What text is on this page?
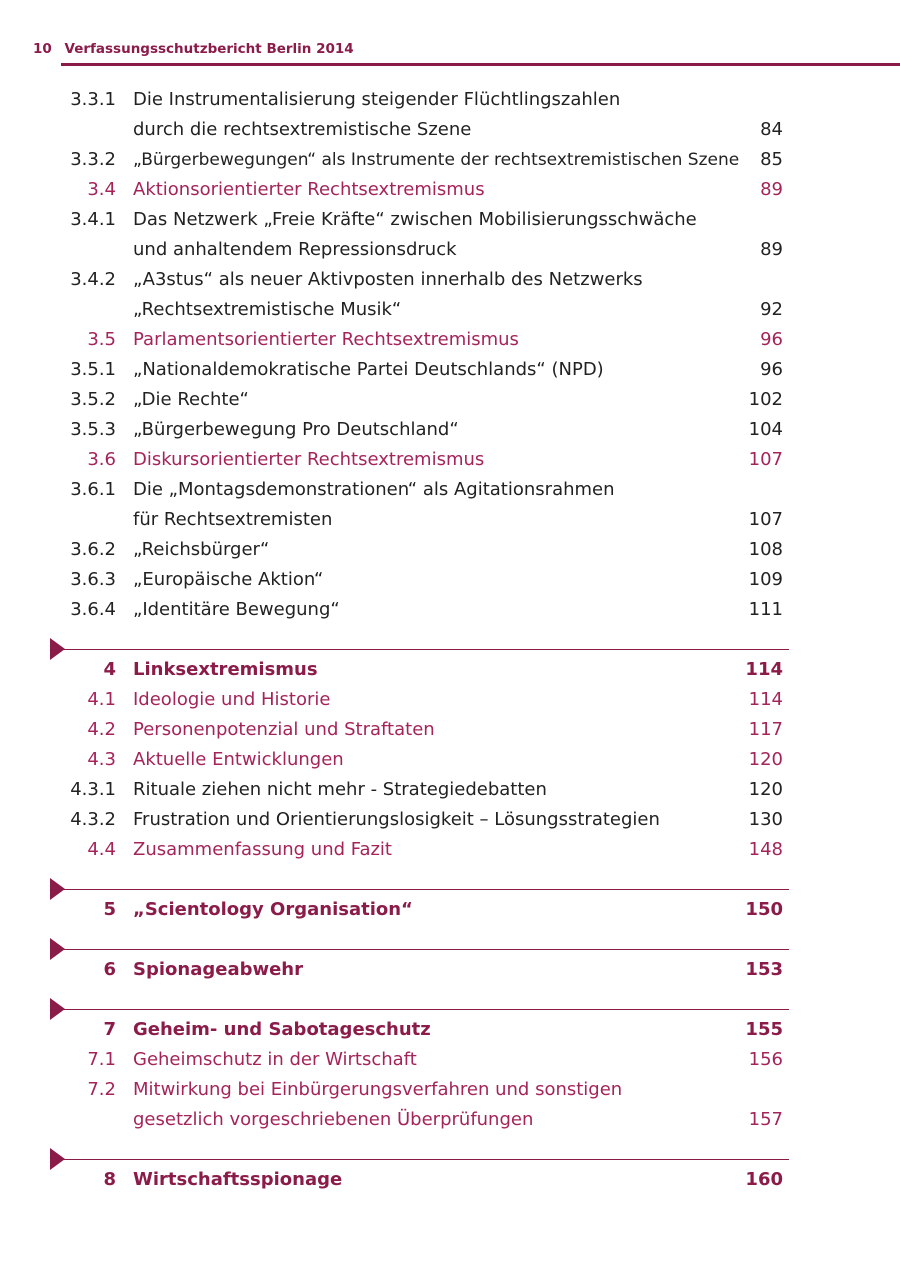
10 Verfassungsschutzbericht Berlin 2014
3.3.1 Die Instrumentalisierung steigender Flüchtlingszahlen
durch die rechtsextremistische Szene	84
3.3.2 „Bürgerbewegungen“ als Instrumente der rechtsextremistischen Szene 85
3.4 Aktionsorientierter Rechtsextremismus	89
3.4.1 Das Netzwerk „Freie Kräfte“ zwischen Mobilisierungsschwäche
und anhaltendem Repressionsdruck	89
3.4.2 „A3stus“ als neuer Aktivposten innerhalb des Netzwerks
„Rechtsextremistische Musik“	92
3.5 Parlamentsorientierter Rechtsextremismus	96
3.5.1 „Nationaldemokratische Partei Deutschlands“ (NPD)	96
3.5.2 „Die Rechte“	102
3.5.3 „Bürgerbewegung Pro Deutschland“	104
3.6 Diskursorientierter Rechtsextremismus	107
3.6.1 Die „Montagsdemonstrationen“ als Agitationsrahmen
für Rechtsextremisten	107
3.6.2 „Reichsbürger“	108
3.6.3 „Europäische Aktion“	109
3.6.4 „Identitäre Bewegung“	111
4 Linksextremismus	114
4.1 Ideologie und Historie	114
4.2 Personenpotenzial und Straftaten	117
4.3 Aktuelle Entwicklungen	120
4.3.1 Rituale ziehen nicht mehr - Strategiedebatten	120
4.3.2 Frustration und Orientierungslosigkeit – Lösungsstrategien	130
4.4 Zusammenfassung und Fazit	148
5 „Scientology Organisation“	150
6 Spionageabwehr	153
7 Geheim- und Sabotageschutz	155
7.1 Geheimschutz in der Wirtschaft	156
7.2 Mitwirkung bei Einbürgerungsverfahren und sonstigen
gesetzlich vorgeschriebenen Überprüfungen	157
8 Wirtschaftsspionage	160
